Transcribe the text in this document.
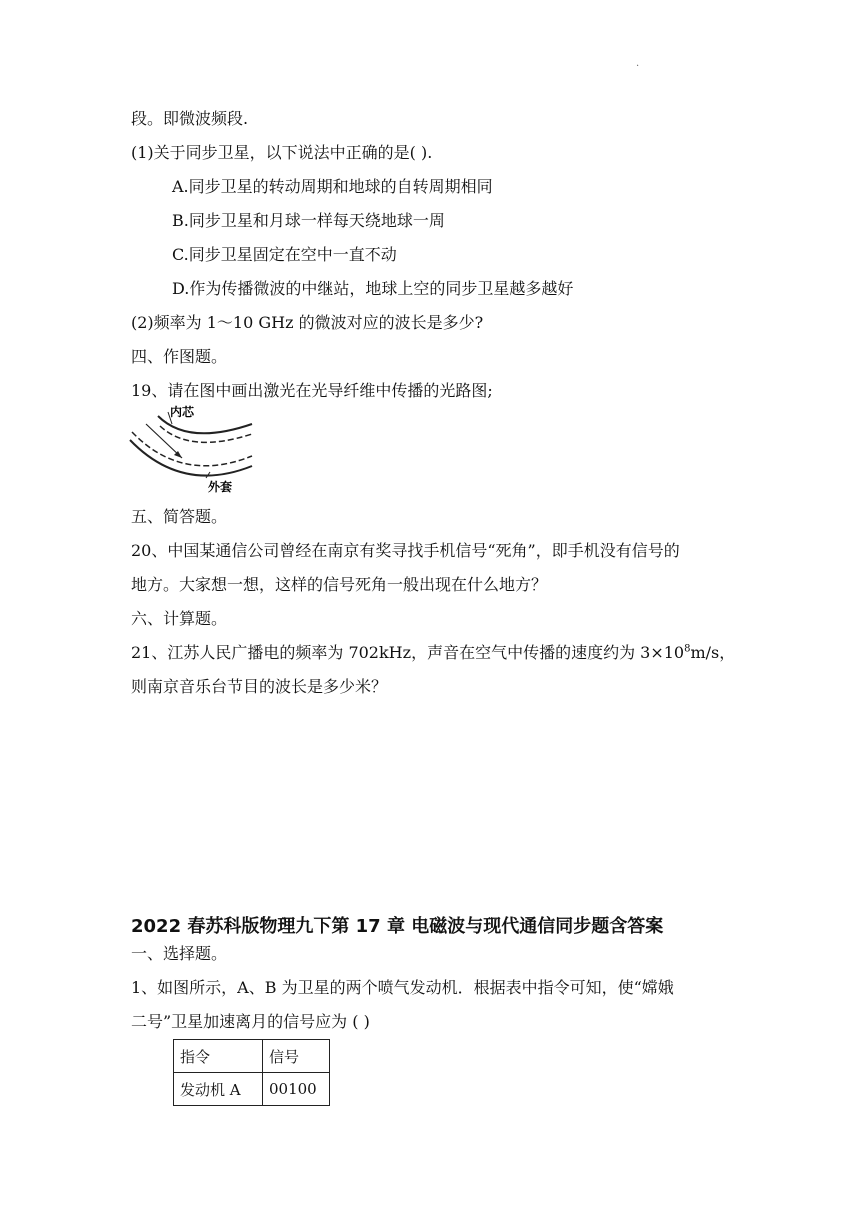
.
段。即微波频段.
(1)关于同步卫星，以下说法中正确的是( ).
A.同步卫星的转动周期和地球的自转周期相同
B.同步卫星和月球一样每天绕地球一周
C.同步卫星固定在空中一直不动
D.作为传播微波的中继站，地球上空的同步卫星越多越好
(2)频率为 1～10 GHz 的微波对应的波长是多少?
四、作图题。
19、请在图中画出激光在光导纤维中传播的光路图;
内芯
外套
五、简答题。
20、中国某通信公司曾经在南京有奖寻找手机信号“死角”，即手机没有信号的
地方。大家想一想，这样的信号死角一般出现在什么地方？
六、计算题。
21、江苏人民广播电的频率为 702kHz，声音在空气中传播的速度约为 $3\times 10^8m/s$，
则南京音乐台节目的波长是多少米？
2022 春苏科版物理九下第 17 章 电磁波与现代通信同步题含答案
一、选择题。
1、如图所示，A、B 为卫星的两个喷气发动机．根据表中指令可知，使“嫦娥
二号”卫星加速离月的信号应为 ( )
指令	信号
发动机 A	00100
